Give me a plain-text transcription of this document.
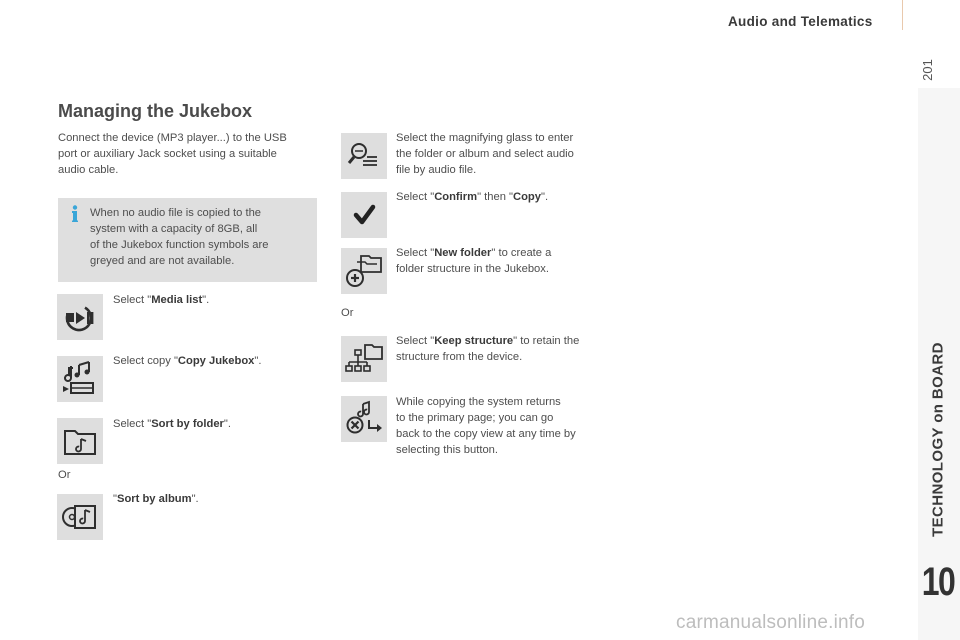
Audio and Telematics
201
TECHNOLOGY on BOARD
10
carmanualsonline.info
Managing the Jukebox
Connect the device (MP3 player...) to the USB
port or auxiliary Jack socket using a suitable
audio cable.
When no audio file is copied to the
system with a capacity of 8GB, all
of the Jukebox function symbols are
greyed and are not available.
Select "Media list".
Select copy "Copy Jukebox".
Select "Sort by folder".
Or
"Sort by album".
Select the magnifying glass to enter
the folder or album and select audio
file by audio file.
Select "Confirm" then "Copy".
Select "New folder" to create a
folder structure in the Jukebox.
Or
Select "Keep structure" to retain the
structure from the device.
While copying the system returns
to the primary page; you can go
back to the copy view at any time by
selecting this button.
